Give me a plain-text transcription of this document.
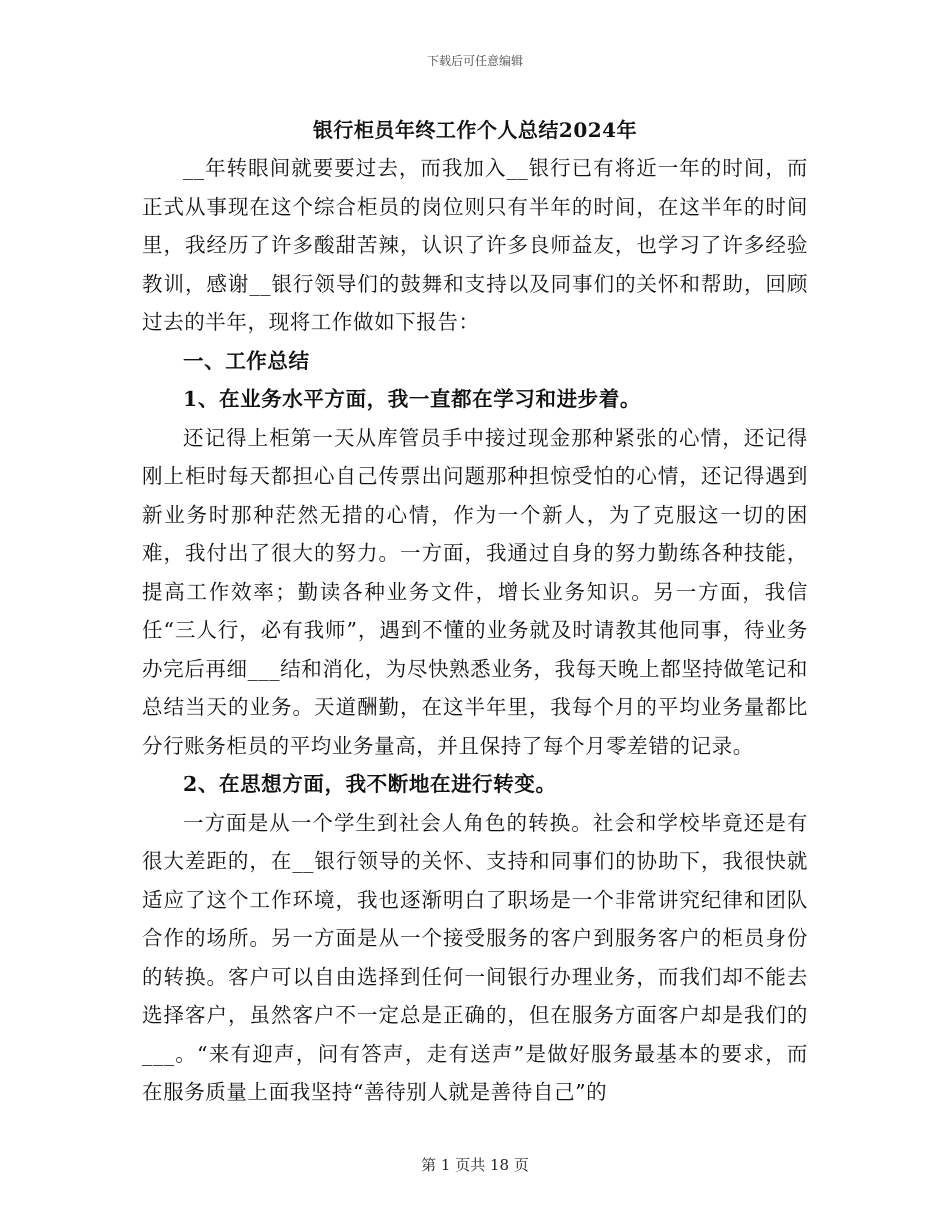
下载后可任意编辑
银行柜员年终工作个人总结2024年

__年转眼间就要要过去，而我加入__银行已有将近一年的时间，而正式从事现在这个综合柜员的岗位则只有半年的时间，在这半年的时间里，我经历了许多酸甜苦辣，认识了许多良师益友，也学习了许多经验教训，感谢__银行领导们的鼓舞和支持以及同事们的关怀和帮助，回顾过去的半年，现将工作做如下报告：

一、工作总结

1、在业务水平方面，我一直都在学习和进步着。

还记得上柜第一天从库管员手中接过现金那种紧张的心情，还记得刚上柜时每天都担心自己传票出问题那种担惊受怕的心情，还记得遇到新业务时那种茫然无措的心情，作为一个新人，为了克服这一切的困难，我付出了很大的努力。一方面，我通过自身的努力勤练各种技能，提高工作效率；勤读各种业务文件，增长业务知识。另一方面，我信任“三人行，必有我师”，遇到不懂的业务就及时请教其他同事，待业务办完后再细___结和消化，为尽快熟悉业务，我每天晚上都坚持做笔记和总结当天的业务。天道酬勤，在这半年里，我每个月的平均业务量都比分行账务柜员的平均业务量高，并且保持了每个月零差错的记录。

2、在思想方面，我不断地在进行转变。

一方面是从一个学生到社会人角色的转换。社会和学校毕竟还是有很大差距的，在__银行领导的关怀、支持和同事们的协助下，我很快就适应了这个工作环境，我也逐渐明白了职场是一个非常讲究纪律和团队合作的场所。另一方面是从一个接受服务的客户到服务客户的柜员身份的转换。客户可以自由选择到任何一间银行办理业务，而我们却不能去选择客户，虽然客户不一定总是正确的，但在服务方面客户却是我们的___。“来有迎声，问有答声，走有送声”是做好服务最基本的要求，而在服务质量上面我坚持“善待别人就是善待自己”的

第 1 页共 18 页
